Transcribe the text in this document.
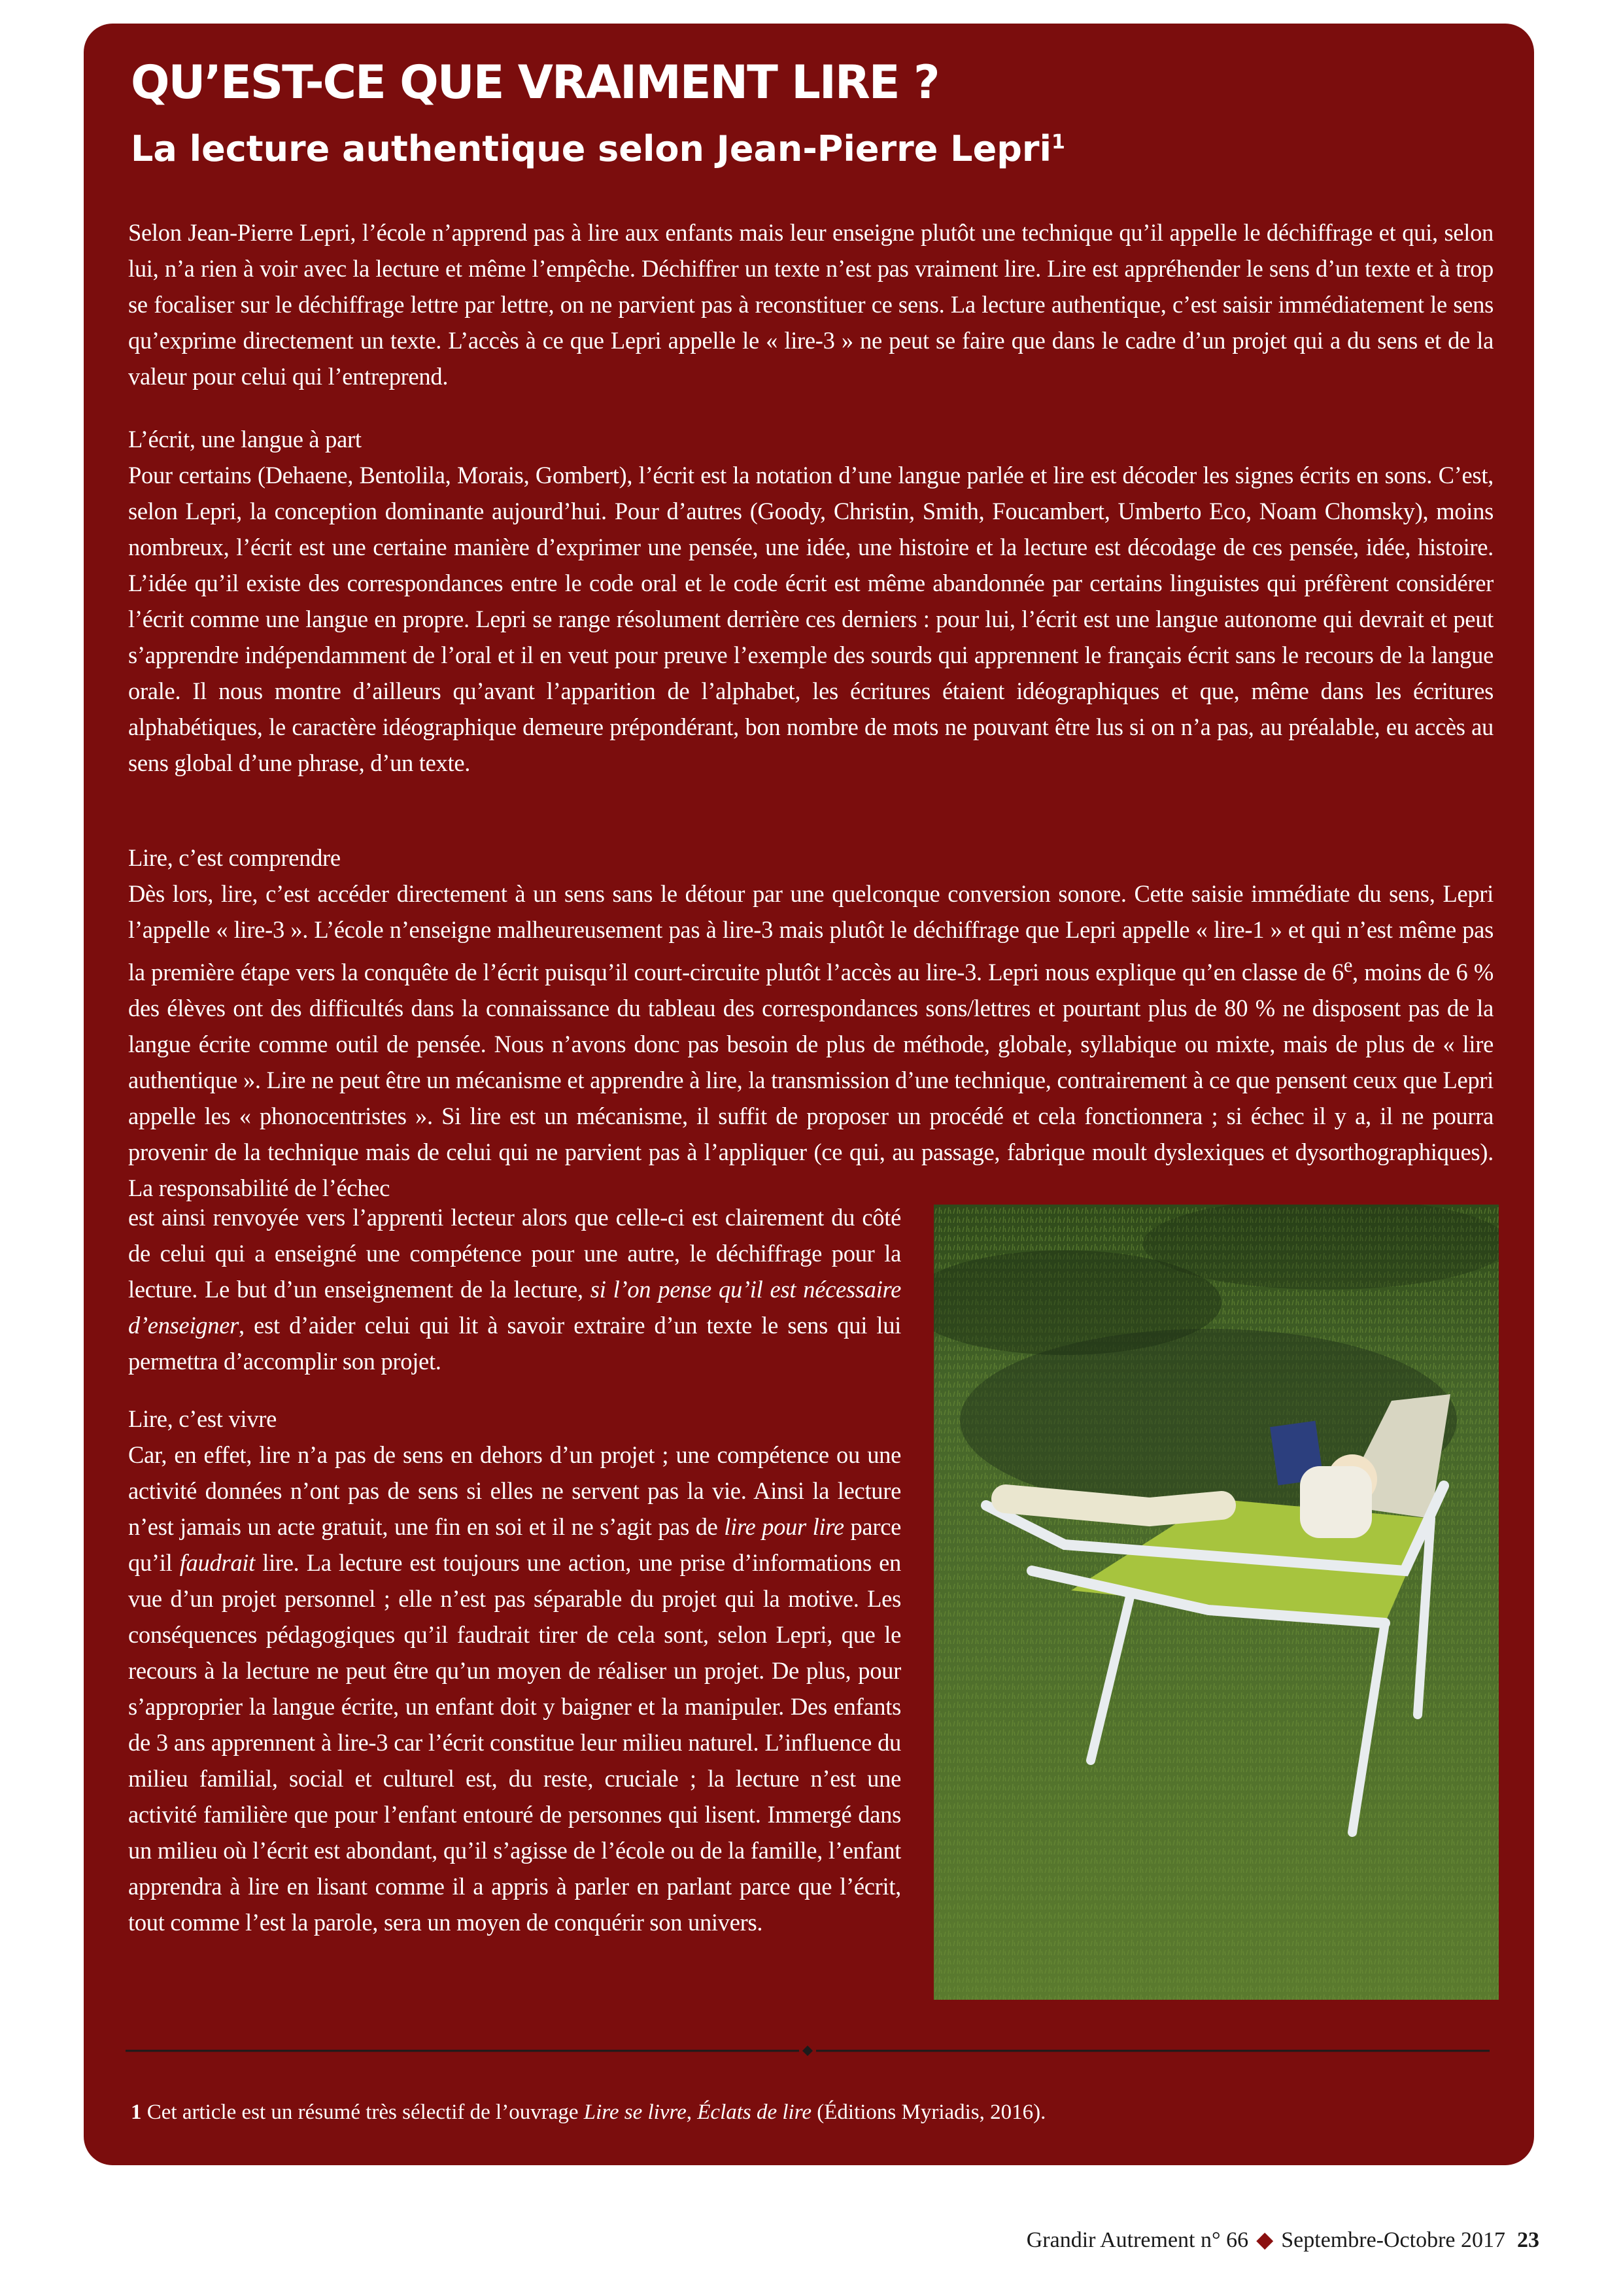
QU’EST-CE QUE VRAIMENT LIRE ?
La lecture authentique selon Jean-Pierre Lepri$^1$

Selon Jean-Pierre Lepri, l’école n’apprend pas à lire aux enfants mais leur enseigne plutôt une technique qu’il appelle le déchiffrage et qui, selon lui, n’a rien à voir avec la lecture et même l’empêche. Déchiffrer un texte n’est pas vraiment lire. Lire est appréhender le sens d’un texte et à trop se focaliser sur le déchiffrage lettre par lettre, on ne parvient pas à reconstituer ce sens. La lecture authentique, c’est saisir immédiatement le sens qu’exprime directement un texte. L’accès à ce que Lepri appelle le « lire-3 » ne peut se faire que dans le cadre d’un projet qui a du sens et de la valeur pour celui qui l’entreprend.

L’écrit, une langue à part

Pour certains (Dehaene, Bentolila, Morais, Gombert), l’écrit est la notation d’une langue parlée et lire est décoder les signes écrits en sons. C’est, selon Lepri, la conception dominante aujourd’hui. Pour d’autres (Goody, Christin, Smith, Foucambert, Umberto Eco, Noam Chomsky), moins nombreux, l’écrit est une certaine manière d’exprimer une pensée, une idée, une histoire et la lecture est décodage de ces pensée, idée, histoire. L’idée qu’il existe des correspondances entre le code oral et le code écrit est même abandonnée par certains linguistes qui préfèrent considérer l’écrit comme une langue en propre. Lepri se range résolument derrière ces derniers : pour lui, l’écrit est une langue autonome qui devrait et peut s’apprendre indépendamment de l’oral et il en veut pour preuve l’exemple des sourds qui apprennent le français écrit sans le recours de la langue orale. Il nous montre d’ailleurs qu’avant l’apparition de l’alphabet, les écritures étaient idéographiques et que, même dans les écritures alphabétiques, le caractère idéographique demeure prépondérant, bon nombre de mots ne pouvant être lus si on n’a pas, au préalable, eu accès au sens global d’une phrase, d’un texte.

Lire, c’est comprendre

Dès lors, lire, c’est accéder directement à un sens sans le détour par une quelconque conversion sonore. Cette saisie immédiate du sens, Lepri l’appelle « lire-3 ». L’école n’enseigne malheureusement pas à lire-3 mais plutôt le déchiffrage que Lepri appelle « lire-1 » et qui n’est même pas la première étape vers la conquête de l’écrit puisqu’il court-circuite plutôt l’accès au lire-3. Lepri nous explique qu’en classe de 6e, moins de 6 % des élèves ont des difficultés dans la connaissance du tableau des correspondances sons/lettres et pourtant plus de 80 % ne disposent pas de la langue écrite comme outil de pensée. Nous n’avons donc pas besoin de plus de méthode, globale, syllabique ou mixte, mais de plus de « lire authentique ». Lire ne peut être un mécanisme et apprendre à lire, la transmission d’une technique, contrairement à ce que pensent ceux que Lepri appelle les « phonocentristes ». Si lire est un mécanisme, il suffit de proposer un procédé et cela fonctionnera ; si échec il y a, il ne pourra provenir de la technique mais de celui qui ne parvient pas à l’appliquer (ce qui, au passage, fabrique moult dyslexiques et dysorthographiques). La responsabilité de l’échec

est ainsi renvoyée vers l’apprenti lecteur alors que celle-ci est clairement du côté de celui qui a enseigné une compétence pour une autre, le déchiffrage pour la lecture. Le but d’un enseignement de la lecture, si l’on pense qu’il est nécessaire d’enseigner, est d’aider celui qui lit à savoir extraire d’un texte le sens qui lui permettra d’accomplir son projet.

Lire, c’est vivre

Car, en effet, lire n’a pas de sens en dehors d’un projet ; une compétence ou une activité données n’ont pas de sens si elles ne servent pas la vie. Ainsi la lecture n’est jamais un acte gratuit, une fin en soi et il ne s’agit pas de lire pour lire parce qu’il faudrait lire. La lecture est toujours une action, une prise d’informations en vue d’un projet personnel ; elle n’est pas séparable du projet qui la motive. Les conséquences pédagogiques qu’il faudrait tirer de cela sont, selon Lepri, que le recours à la lecture ne peut être qu’un moyen de réaliser un projet. De plus, pour s’approprier la langue écrite, un enfant doit y baigner et la manipuler. Des enfants de 3 ans apprennent à lire-3 car l’écrit constitue leur milieu naturel. L’influence du milieu familial, social et culturel est, du reste, cruciale ; la lecture n’est une activité familière que pour l’enfant entouré de personnes qui lisent. Immergé dans un milieu où l’écrit est abondant, qu’il s’agisse de l’école ou de la famille, l’enfant apprendra à lire en lisant comme il a appris à parler en parlant parce que l’écrit, tout comme l’est la parole, sera un moyen de conquérir son univers.

1 Cet article est un résumé très sélectif de l’ouvrage Lire se livre, Éclats de lire (Éditions Myriadis, 2016).
Grandir Autrement n° 66 ◆ Septembre-Octobre 2017 23
